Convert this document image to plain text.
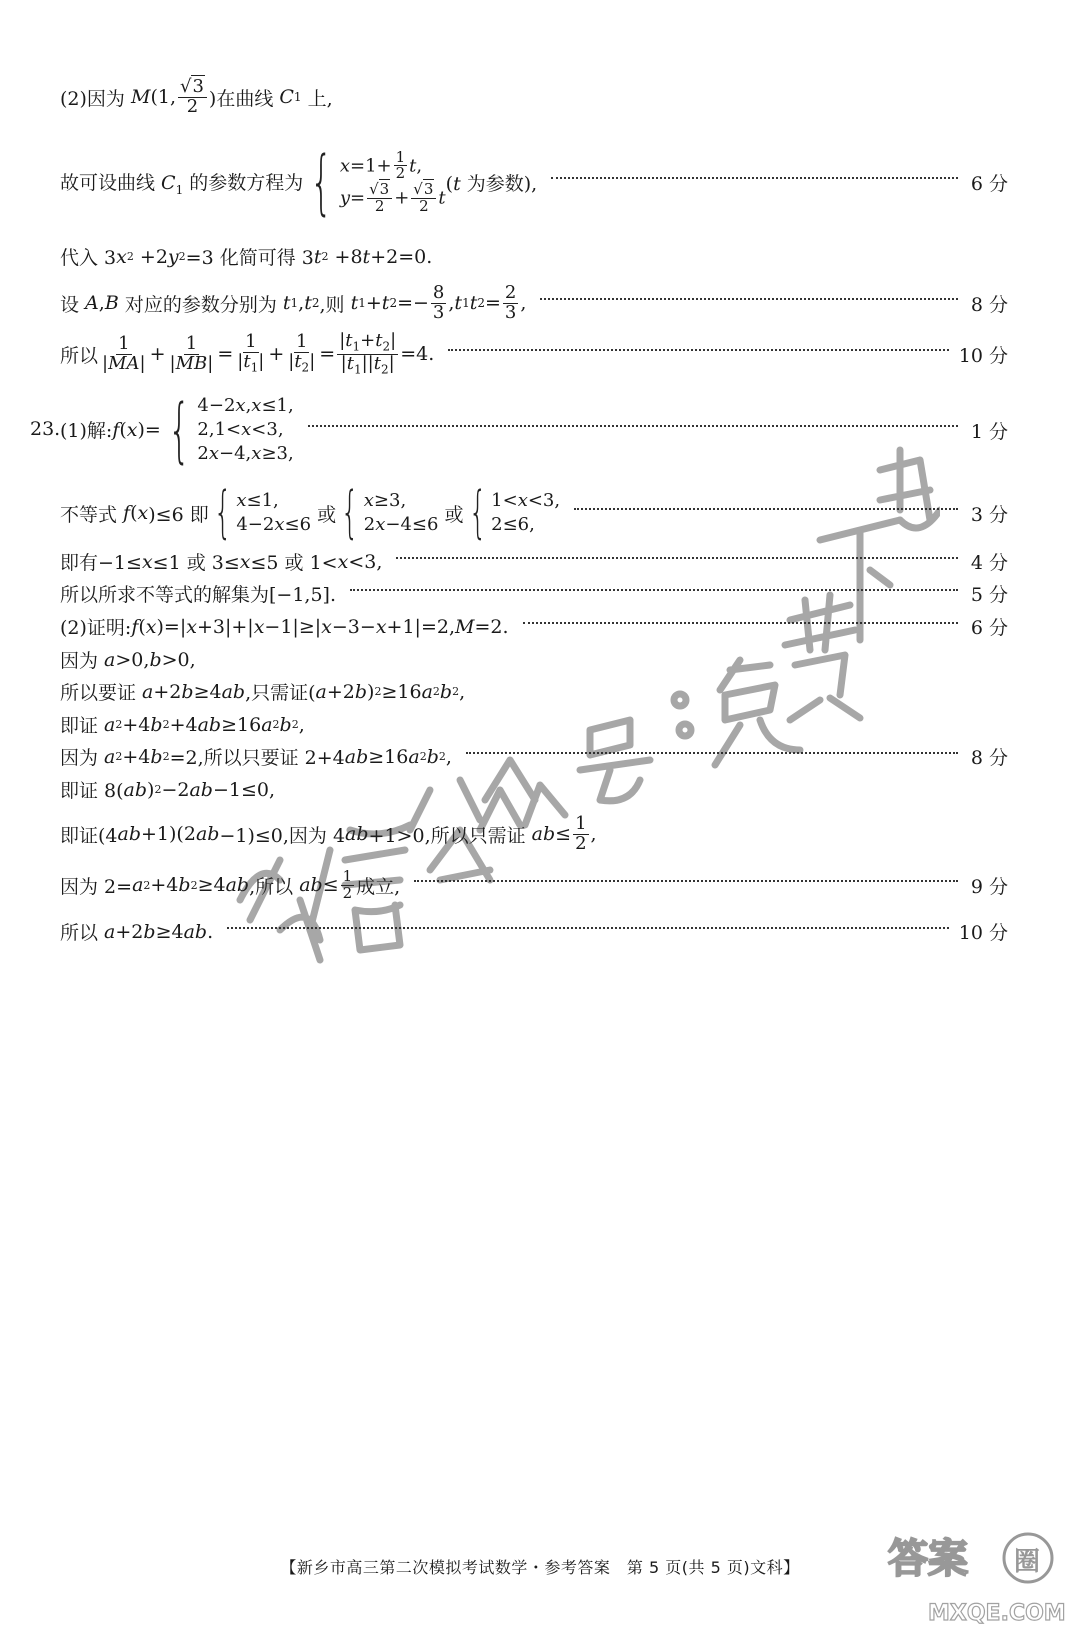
(2)因为 M (1, $\frac{√3}{2}$ )在曲线 C 1 上,
故可设曲线 $C_1$ 的参数方程为 { $x=1+ \frac{1}{2} t$,
$y= \frac{√3}{2} + \frac{√3}{2}$ t
(t 为参数),	6 分
代入 3 x 2 +2 y 2 =3 化简可得 3 t 2 +8 t +2=0.
设 A , B 对应的参数分别为 t 1 , t 2 ,则 t 1 + t $2 =- \frac{8}{3}$ , t 1 t $2 = \frac{2}{3}$ ,	8 分
所以 $\frac{1}{|MA|} + \frac{1}{|MB|} = \frac{1}{|t_1|} + \frac{1}{|t_2|} = \frac{|t_1+t_2|}{|t_1||t_2|} =4$.	10 分
23. (1)解: f ( x )= { 4−2x,x≤1,
2,1<x<3,
2x−4,x≥3,
1 分
不等式 f ( x )≤6 即 { x≤1,
4−2x≤6
或 { x≥3,
2x−4≤6
或 { 1<x<3,
2≤6,	3 分
即有−1≤ x ≤1 或 3≤ x ≤5 或 1< x <3,	4 分
所以所求不等式的解集为[−1,5].	5 分
(2)证明: f ( x )=| x +3|+| x −1|≥| x −3− x +1|=2, M =2.	6 分
因为 a >0, b >0,
所以要证 a +2 b ≥4 ab ,只需证( a +2 b ) 2 ≥16 a 2 b 2 ,
即证 a 2 +4 b 2 +4 ab ≥16 a 2 b 2 ,
因为 a 2 +4 b 2 =2,所以只要证 2+4 ab ≥16 a 2 b 2 ,	8 分
即证 8( ab ) 2 −2 ab −1≤0,
即证(4 ab +1)(2 ab −1)≤0,因为 4 ab +1>0,所以只需证 ab ≤ $\frac{1}{2}$ ,
因为 2= a 2 +4 b 2 ≥4 ab ,所以 ab ≤ $\frac{1}{2}$ 成立,	9 分
所以 a +2 b ≥4 ab .	10 分
【新乡市高三第二次模拟考试数学・参考答案　第 5 页(共 5 页)文科】	答案 圈
MXQE.COM
